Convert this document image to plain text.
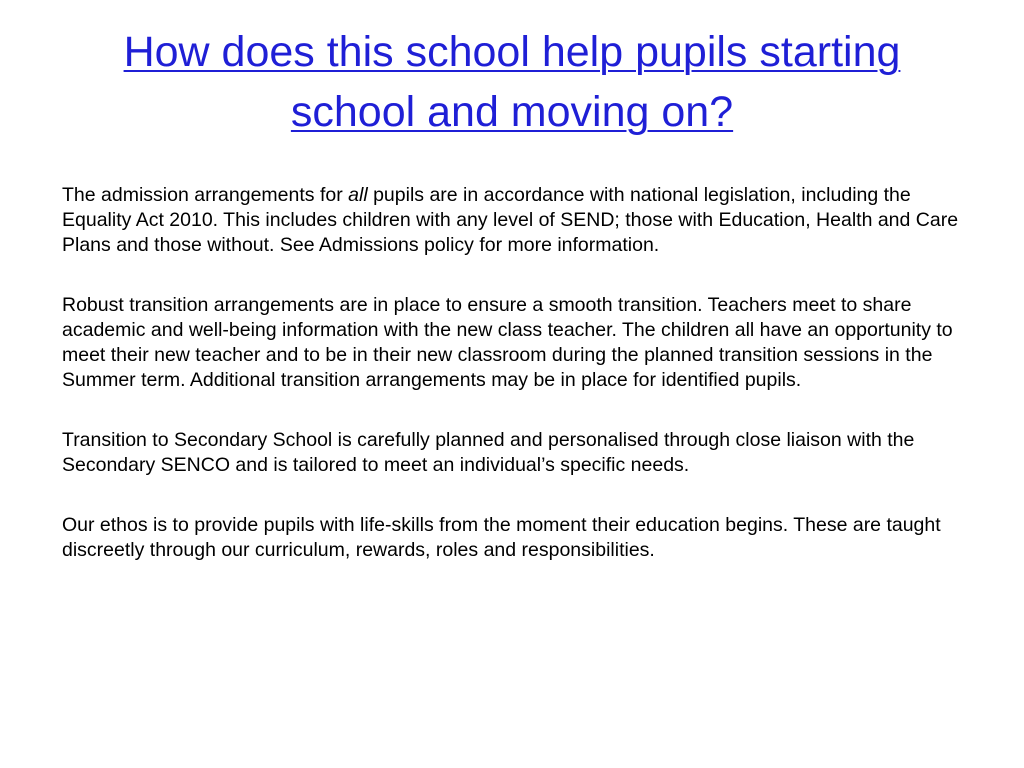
How does this school help pupils starting school and moving on?

The admission arrangements for all pupils are in accordance with national legislation, including the Equality Act 2010. This includes children with any level of SEND; those with Education, Health and Care Plans and those without. See Admissions policy for more information.

Robust transition arrangements are in place to ensure a smooth transition. Teachers meet to share academic and well-being information with the new class teacher. The children all have an opportunity to meet their new teacher and to be in their new classroom during the planned transition sessions in the Summer term. Additional transition arrangements may be in place for identified pupils.

Transition to Secondary School is carefully planned and personalised through close liaison with the Secondary SENCO and is tailored to meet an individual’s specific needs.

Our ethos is to provide pupils with life-skills from the moment their education begins. These are taught discreetly through our curriculum, rewards, roles and responsibilities.
